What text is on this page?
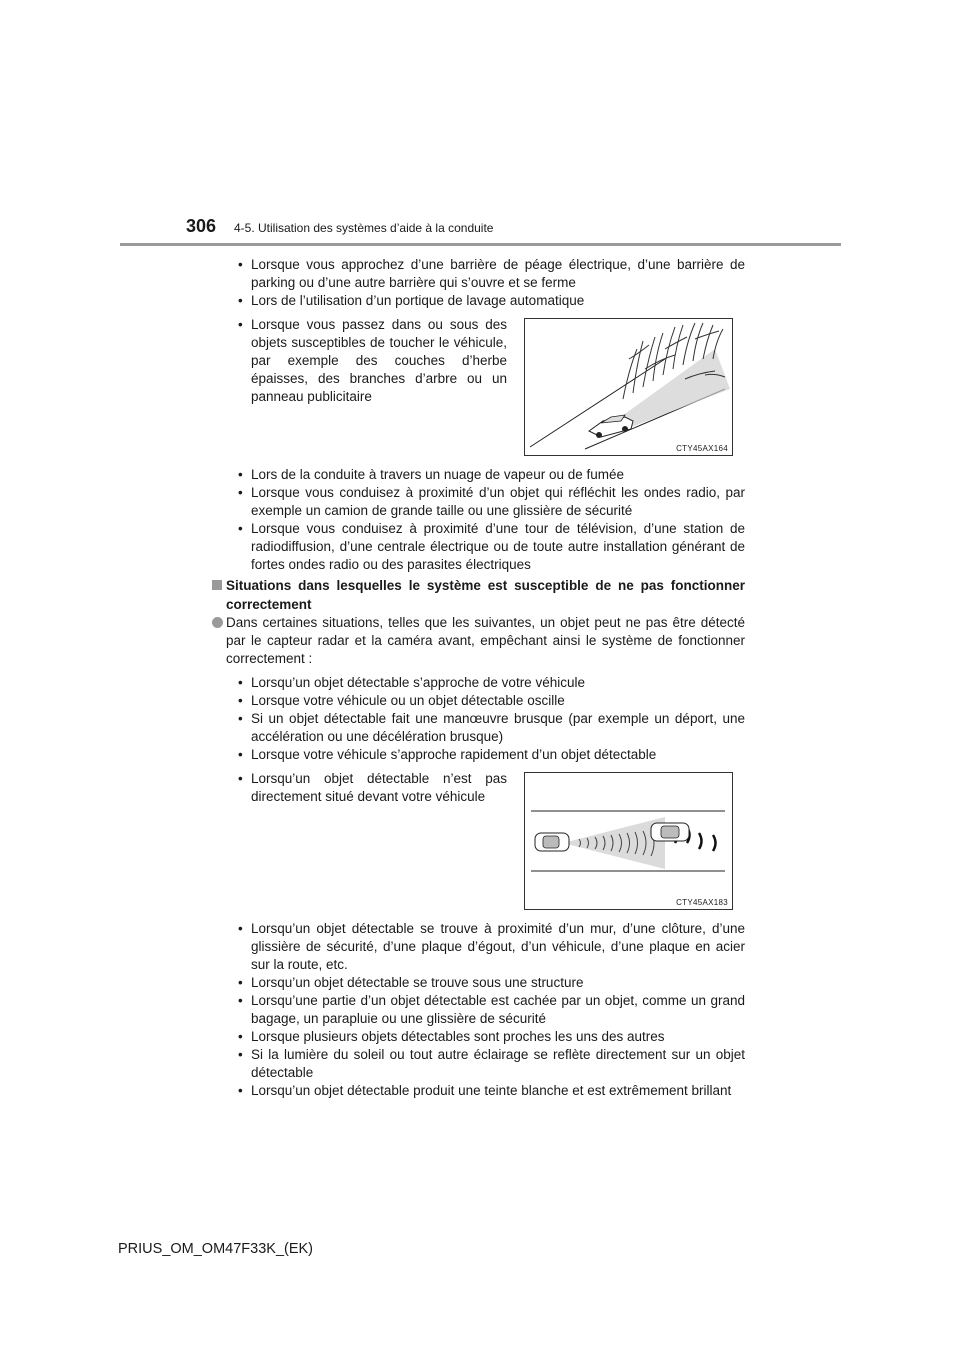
306 4-5. Utilisation des systèmes d’aide à la conduite
• Lorsque vous approchez d’une barrière de péage électrique, d’une barrière de parking ou d’une autre barrière qui s’ouvre et se ferme
• Lors de l’utilisation d’un portique de lavage automatique
• Lorsque vous passez dans ou sous des objets susceptibles de toucher le véhicule, par exemple des couches d’herbe épaisses, des branches d’arbre ou un panneau publicitaire
CTY45AX164
• Lors de la conduite à travers un nuage de vapeur ou de fumée
• Lorsque vous conduisez à proximité d’un objet qui réfléchit les ondes radio, par exemple un camion de grande taille ou une glissière de sécurité
• Lorsque vous conduisez à proximité d’une tour de télévision, d’une station de radiodiffusion, d’une centrale électrique ou de toute autre installation générant de fortes ondes radio ou des parasites électriques
Situations dans lesquelles le système est susceptible de ne pas fonctionner correctement
Dans certaines situations, telles que les suivantes, un objet peut ne pas être détecté par le capteur radar et la caméra avant, empêchant ainsi le système de fonctionner correctement :
• Lorsqu’un objet détectable s’approche de votre véhicule
• Lorsque votre véhicule ou un objet détectable oscille
• Si un objet détectable fait une manœuvre brusque (par exemple un déport, une accélération ou une décélération brusque)
• Lorsque votre véhicule s’approche rapidement d’un objet détectable
• Lorsqu’un objet détectable n’est pas directement situé devant votre véhicule
CTY45AX183
• Lorsqu’un objet détectable se trouve à proximité d’un mur, d’une clôture, d’une glissière de sécurité, d’une plaque d’égout, d’un véhicule, d’une plaque en acier sur la route, etc.
• Lorsqu’un objet détectable se trouve sous une structure
• Lorsqu’une partie d’un objet détectable est cachée par un objet, comme un grand bagage, un parapluie ou une glissière de sécurité
• Lorsque plusieurs objets détectables sont proches les uns des autres
• Si la lumière du soleil ou tout autre éclairage se reflète directement sur un objet détectable
• Lorsqu’un objet détectable produit une teinte blanche et est extrêmement brillant
PRIUS_OM_OM47F33K_(EK)
